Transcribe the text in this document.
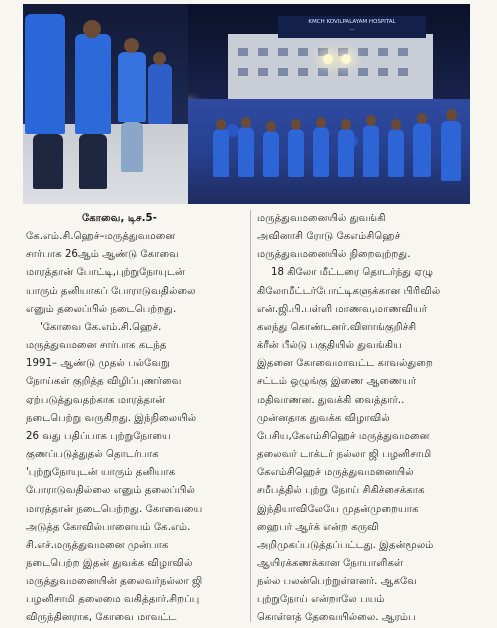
KMCH KOVILPALAYAM HOSPITAL
...
கோவை, டிச.5-
கே.எம்.சி.ஹெச்–மருத்துவமனை
சார்பாக 26ஆம் ஆண்டு கோவை
மாரத்தான் போட்டி,புற்றுநோயுடன்
யாரும் தனியாகப் போராடுவதில்லை
எனும் தலைப்பில் நடைபெற்றது.
'கோவை கே.எம்.சி.ஹெச்.
மருத்துவமனை சார்பாக கடந்த
1991– ஆண்டு முதல் பல்வேறு
நோய்கள் குறித்த விழிப்புணர்வை
ஏற்படுத்துவதற்காக மாரத்தான்
நடைபெற்று வருகிறது. இந்நிலையில்
26 வது பதிப்பாக புற்றுநோயை
குணப்படுத்துதல் தொடர்பாக
'புற்றுநோயுடன் யாரும் தனியாக
போராடுவதில்லை எனும் தலைப்பில்
மாரத்தான் நடைபெற்றது. கோவையை
அடுத்த கோவில்பாளையம் கே.எம்.
சி.எச்.மருத்துவமனை முன்பாக
நடைபெற்ற இதன் துவக்க விழாவில்
மருத்துவமனையின் தலைவர்நல்லா ஜி
பழனிசாமி தலைமை வகித்தார்.சிறப்பு
விருந்தினராக, கோவை மாவட்ட
மருத்துவமனையில் துவங்கி
அவினாசி ரோடு கேஎம்சிஹெச்
மருத்துவமனையில் நிறைவுற்றது.
18 கிலோ மீட்டரை தொடர்ந்து ஏழு
கிலோமீட்டர்போட்டிகளுக்கான பிரிவில்
என்.ஜி.பி.பள்ளி மாணவ,மாணவியர்
கலந்து கொண்டனர்.விளாங்குறிச்சி
க்ரீன் பீல்டு பகுதியில் துவங்கிய
இதனை கோவைமாவட்ட காவல்துறை
சட்டம் ஒழுங்கு இணை ஆணையர்
மதிவாணன. துவக்கி வைத்தார்..
முன்னதாக துவக்க விழாவில்
பேசிய,கேஎம்சிஹெச் மருத்துவமனை
தலைவர் டாக்டர் நல்லா ஜி பழனிசாமி
கேஎம்சிஹெச் மருத்துவமனையில்
சமீபத்தில் புற்று நோய் சிகிச்சைக்காக
இந்தியாவிலேயே முதன்முறையாக
ஹைபர் ஆர்க் என்ற கருவி
அறிமுகப்படுத்தப்பட்டது. இதன்மூலம்
ஆயிரக்கணக்கான நோயாளிகள்
நல்ல பலன்பெற்றுள்ளனர். ஆகவே
புற்றுநோய் என்றாலே பயம்
கொள்ளத் தேவையில்லை. ஆரம்ப
